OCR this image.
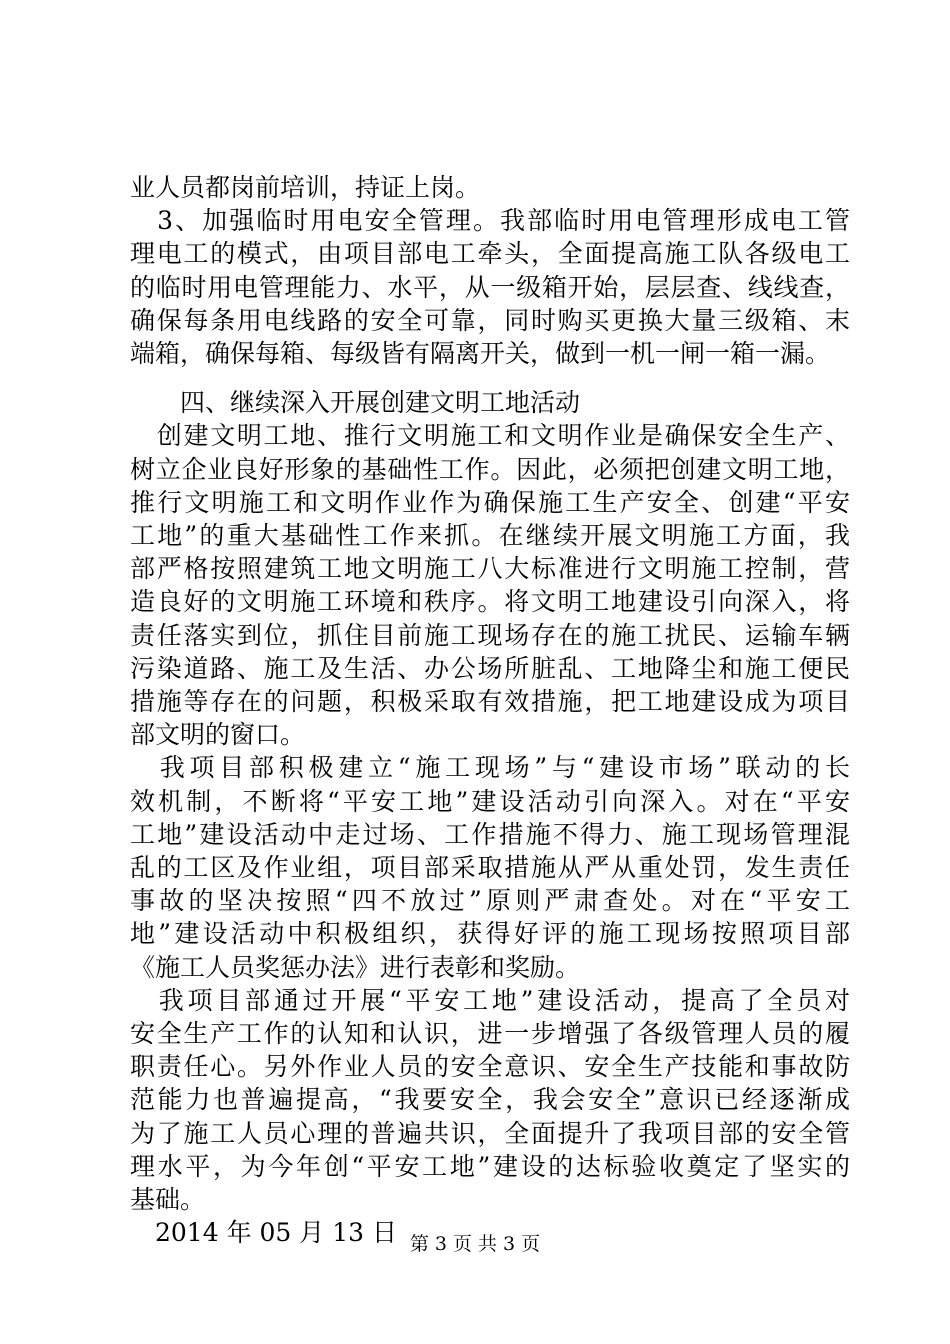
业人员都岗前培训，持证上岗。
　3、加强临时用电安全管理。我部临时用电管理形成电工管
理电工的模式，由项目部电工牵头，全面提高施工队各级电工
的临时用电管理能力、水平，从一级箱开始，层层查、线线查，
确保每条用电线路的安全可靠，同时购买更换大量三级箱、末
端箱，确保每箱、每级皆有隔离开关，做到一机一闸一箱一漏。
　　四、继续深入开展创建文明工地活动
　创建文明工地、推行文明施工和文明作业是确保安全生产、
树立企业良好形象的基础性工作。因此，必须把创建文明工地，
推行文明施工和文明作业作为确保施工生产安全、创建“平安
工地”的重大基础性工作来抓。在继续开展文明施工方面，我
部严格按照建筑工地文明施工八大标准进行文明施工控制，营
造良好的文明施工环境和秩序。将文明工地建设引向深入，将
责任落实到位，抓住目前施工现场存在的施工扰民、运输车辆
污染道路、施工及生活、办公场所脏乱、工地降尘和施工便民
措施等存在的问题，积极采取有效措施，把工地建设成为项目
部文明的窗口。
　我项目部积极建立“施工现场”与“建设市场”联动的长
效机制，不断将“平安工地”建设活动引向深入。对在“平安
工地”建设活动中走过场、工作措施不得力、施工现场管理混
乱的工区及作业组，项目部采取措施从严从重处罚，发生责任
事故的坚决按照“四不放过”原则严肃查处。对在“平安工
地”建设活动中积极组织，获得好评的施工现场按照项目部
《施工人员奖惩办法》进行表彰和奖励。
　我项目部通过开展“平安工地”建设活动，提高了全员对
安全生产工作的认知和认识，进一步增强了各级管理人员的履
职责任心。另外作业人员的安全意识、安全生产技能和事故防
范能力也普遍提高，“我要安全，我会安全”意识已经逐渐成
为了施工人员心理的普遍共识，全面提升了我项目部的安全管
理水平，为今年创“平安工地”建设的达标验收奠定了坚实的
基础。
　2014 年 05 月 13 日 第 3 页 共 3 页
